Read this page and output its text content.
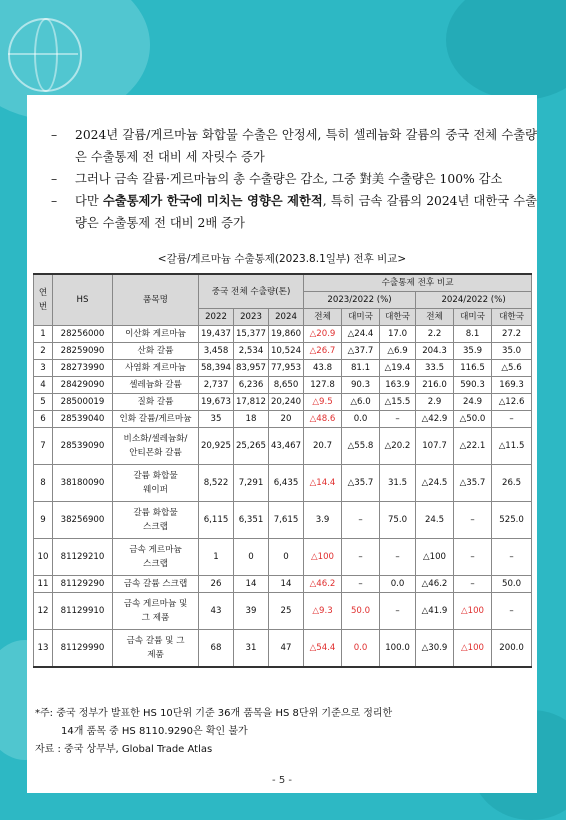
– 2024년 갈륨/게르마늄 화합물 수출은 안정세, 특히 셀레늄화 갈륨의 중국 전체 수출량은 수출통제 전 대비 세 자릿수 증가
– 그러나 금속 갈륨·게르마늄의 총 수출량은 감소, 그중 對美 수출량은 100% 감소
– 다만 수출통제가 한국에 미치는 영향은 제한적, 특히 금속 갈륨의 2024년 대한국 수출량은 수출통제 전 대비 2배 증가
<갈륨/게르마늄 수출통제(2023.8.1일부) 전후 비교>
연번	HS	품목명	중국 전체 수출량(톤)			수출통제 전후 비교					
						2023/2022 (%)			2024/2022 (%)		
			2022	2023	2024	전체	대미국	대한국	전체	대미국	대한국
1	28256000	이산화 게르마늄	19,437	15,377	19,860	△20.9	△24.4	17.0	2.2	8.1	27.2
2	28259090	산화 갈륨	3,458	2,534	10,524	△26.7	△37.7	△6.9	204.3	35.9	35.0
3	28273990	사염화 게르마늄	58,394	83,957	77,953	43.8	81.1	△19.4	33.5	116.5	△5.6
4	28429090	셀레늄화 갈륨	2,737	6,236	8,650	127.8	90.3	163.9	216.0	590.3	169.3
5	28500019	질화 갈륨	19,673	17,812	20,240	△9.5	△6.0	△15.5	2.9	24.9	△12.6
6	28539040	인화 갈륨/게르마늄	35	18	20	△48.6	0.0	–	△42.9	△50.0	–
7	28539090	비소화/셀레늄화/
안티몬화 갈륨	20,925	25,265	43,467	20.7	△55.8	△20.2	107.7	△22.1	△11.5
8	38180090	갈륨 화합물
웨이퍼	8,522	7,291	6,435	△14.4	△35.7	31.5	△24.5	△35.7	26.5
9	38256900	갈륨 화합물
스크랩	6,115	6,351	7,615	3.9	–	75.0	24.5	–	525.0
10	81129210	금속 게르마늄
스크랩	1	0	0	△100	–	–	△100	–	–
11	81129290	금속 갈륨 스크랩	26	14	14	△46.2	–	0.0	△46.2	–	50.0
12	81129910	금속 게르마늄 및
그 제품	43	39	25	△9.3	50.0	–	△41.9	△100	–
13	81129990	금속 갈륨 및 그
제품	68	31	47	△54.4	0.0	100.0	△30.9	△100	200.0
*주: 중국 정부가 발표한 HS 10단위 기준 36개 품목을 HS 8단위 기준으로 정리한
14개 품목 중 HS 8110.9290은 확인 불가
자료 : 중국 상무부, Global Trade Atlas
- 5 -
